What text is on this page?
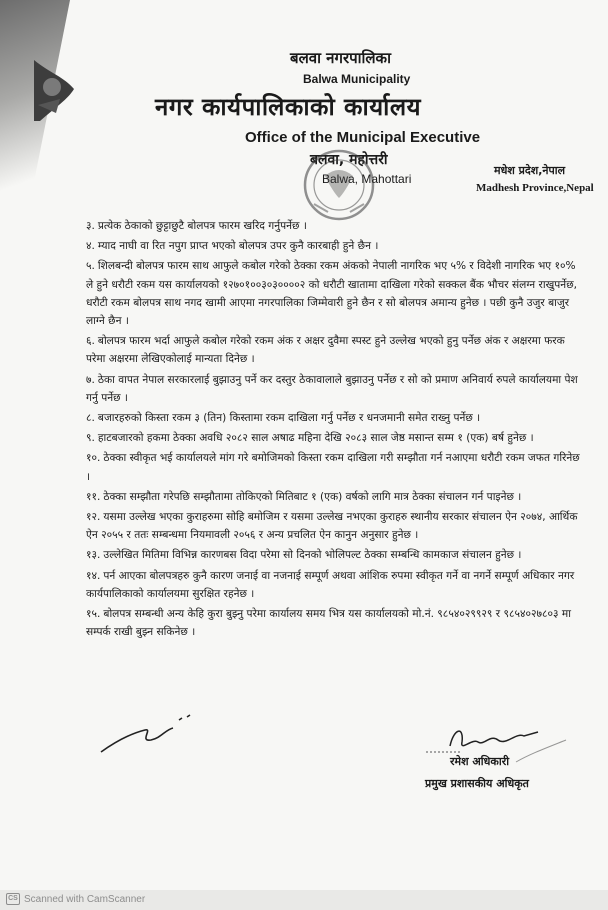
बलवा नगरपालिका
Balwa Municipality
नगर कार्यपालिकाको कार्यालय
Office of the Municipal Executive
बलवा, महोत्तरी
Balwa, Mahottari
मधेश प्रदेश,नेपाल
Madhesh Province,Nepal
३. प्रत्येक ठेकाको छुट्टाछुटै बोलपत्र फारम खरिद गर्नुपर्नेछ ।
४. म्याद नाघी वा रित नपुग प्राप्त भएको बोलपत्र उपर कुनै कारबाही हुने छैन ।
५. शिलबन्दी बोलपत्र फारम साथ आफुले कबोल गरेको ठेक्का रकम अंकको नेपाली नागरिक भए ५% र विदेशी नागरिक भए १०% ले हुने धरौटी रकम यस कार्यालयको १२७०१००३०३००००२ को धरौटी खातामा दाखिला गरेको सक्कल बैंक भौचर संलग्न राखुपर्नेछ, धरौटी रकम बोलपत्र साथ नगद खामी आएमा नगरपालिका जिम्मेवारी हुने छैन र सो बोलपत्र अमान्य हुनेछ । पछी कुनै उजुर बाजुर लाग्ने छैन ।
६. बोलपत्र फारम भर्दा आफुले कबोल गरेको रकम अंक र अक्षर दुवैमा स्पस्ट हुने उल्लेख भएको हुनु पर्नेछ अंक र अक्षरमा फरक परेमा अक्षरमा लेखिएकोलाई मान्यता दिनेछ ।
७. ठेका वापत नेपाल सरकारलाई बुझाउनु पर्ने कर दस्तुर ठेकावालाले बुझाउनु पर्नेछ र सो को प्रमाण अनिवार्य रुपले कार्यालयमा पेश गर्नु पर्नेछ ।
८. बजारहरुको किस्ता रकम ३ (तिन) किस्तामा रकम दाखिला गर्नु पर्नेछ र धनजमानी समेत राख्नु पर्नेछ ।
९. हाटबजारको हकमा ठेक्का अवधि २०८२ साल अषाढ महिना देखि २०८३ साल जेष्ठ मसान्त सम्म १ (एक) बर्ष हुनेछ ।
१०. ठेक्का स्वीकृत भई कार्यालयले मांग गरे बमोजिमको किस्ता रकम दाखिला गरी सम्झौता गर्न नआएमा धरौटी रकम जफत गरिनेछ ।
११. ठेक्का सम्झौता गरेपछि सम्झौतामा तोकिएको मितिबाट १ (एक) वर्षको लागि मात्र ठेक्का संचालन गर्न पाइनेछ ।
१२. यसमा उल्लेख भएका कुराहरुमा सोहि बमोजिम र यसमा उल्लेख नभएका कुराहरु स्थानीय सरकार संचालन ऐन २०७४, आर्थिक ऐन २०५५ र ततः सम्बन्धमा नियमावली २०५६ र अन्य प्रचलित ऐन कानुन अनुसार हुनेछ ।
१३. उल्लेखित मितिमा विभिन्न कारणबस विदा परेमा सो दिनको भोलिपल्ट ठेक्का सम्बन्धि कामकाज संचालन हुनेछ ।
१४. पर्न आएका बोलपत्रहरु कुनै कारण जनाई वा नजनाई सम्पूर्ण अथवा आंशिक रुपमा स्वीकृत गर्ने वा नगर्ने सम्पूर्ण अधिकार नगर कार्यपालिकाको कार्यालयमा सुरक्षित रहनेछ ।
१५. बोलपत्र सम्बन्धी अन्य केहि कुरा बुझ्नु परेमा कार्यालय समय भित्र यस कार्यालयको मो.नं. ९८५४०२९९२९ र ९८५४०२७८०३ मा सम्पर्क राखी बुझ्न सकिनेछ ।
रमेश अधिकारी
प्रमुख प्रशासकीय अधिकृत
CS Scanned with CamScanner
